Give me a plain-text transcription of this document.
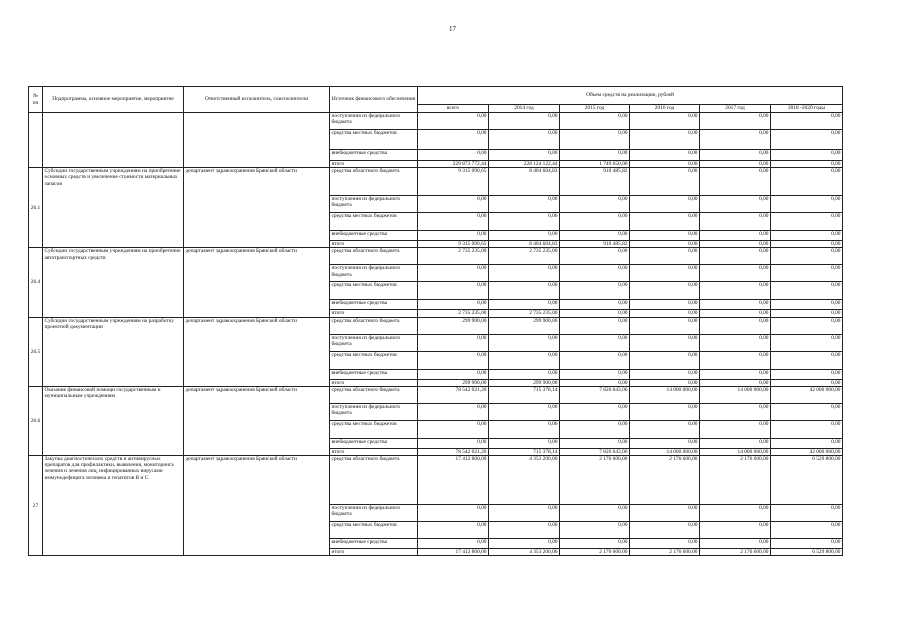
17
№ пп	Подпрограмма, основное мероприятие, мероприятие	Ответственный исполнитель, соисполнители	Источник финансового обеспечения	Объем средств на реализацию, рублей					
				всего	2014 год	2015 год	2016 год	2017 год	2018 -2020 годы
			поступления из федерального бюджета	0,00	0,00	0,00	0,00	0,00	0,00
			средства местных бюджетов	0,00	0,00	0,00	0,00	0,00	0,00
			внебюджетные средства	0,00	0,00	0,00	0,00	0,00	0,00
			итого	229 873 772,44	228 124 122,44	1 749 650,00	0,00	0,00	0,00
26.1	Субсидии государственным учреждениям на приобретение основных средств и увеличение стоимости материальных запасов	департамент здравоохранения Брянской области	средства областного бюджета	9 315 090,65	8 404 604,83	910 485,82	0,00	0,00	0,00
			поступления из федерального бюджета	0,00	0,00	0,00	0,00	0,00	0,00
			средства местных бюджетов	0,00	0,00	0,00	0,00	0,00	0,00
			внебюджетные средства	0,00	0,00	0,00	0,00	0,00	0,00
			итого	9 315 090,65	8 404 604,83	910 485,82	0,00	0,00	0,00
26.4	Субсидии государственным учреждениям на приобретение автотранспортных средств	департамент здравоохранения Брянской области	средства областного бюджета	2 735 235,00	2 735 235,00	0,00	0,00	0,00	0,00
			поступления из федерального бюджета	0,00	0,00	0,00	0,00	0,00	0,00
			средства местных бюджетов	0,00	0,00	0,00	0,00	0,00	0,00
			внебюджетные средства	0,00	0,00	0,00	0,00	0,00	0,00
			итого	2 735 235,00	2 735 235,00	0,00	0,00	0,00	0,00
26.5	Субсидии государственным учреждениям на разработку проектной документации	департамент здравоохранения Брянской области	средства областного бюджета	299 900,00	299 900,00	0,00	0,00	0,00	0,00
			поступления из федерального бюджета	0,00	0,00	0,00	0,00	0,00	0,00
			средства местных бюджетов	0,00	0,00	0,00	0,00	0,00	0,00
			внебюджетные средства	0,00	0,00	0,00	0,00	0,00	0,00
			итого	299 900,00	299 900,00	0,00	0,00	0,00	0,00
26.6	Оказание финансовой помощи государственным и муниципальным учреждениям	департамент здравоохранения Брянской области	средства областного бюджета	78 542 021,20	715 378,14	7 826 643,06	14 000 000,00	14 000 000,00	42 000 000,00
			поступления из федерального бюджета	0,00	0,00	0,00	0,00	0,00	0,00
			средства местных бюджетов	0,00	0,00	0,00	0,00	0,00	0,00
			внебюджетные средства	0,00	0,00	0,00	0,00	0,00	0,00
			итого	78 542 021,20	715 378,14	7 826 643,06	14 000 000,00	14 000 000,00	42 000 000,00
27	Закупка диагностических средств и антивирусных препаратов для профилактики, выявления, мониторинга лечения и лечения лиц, инфицированных вирусами иммунодефицита человека и гепатитов В и С	департамент здравоохранения Брянской области	средства областного бюджета	17 412 800,00	4 353 200,00	2 176 600,00	2 176 600,00	2 176 600,00	6 529 800,00
			поступления из федерального бюджета	0,00	0,00	0,00	0,00	0,00	0,00
			средства местных бюджетов	0,00	0,00	0,00	0,00	0,00	0,00
			внебюджетные средства	0,00	0,00	0,00	0,00	0,00	0,00
			итого	17 412 800,00	4 353 200,00	2 176 600,00	2 176 600,00	2 176 600,00	6 529 800,00
